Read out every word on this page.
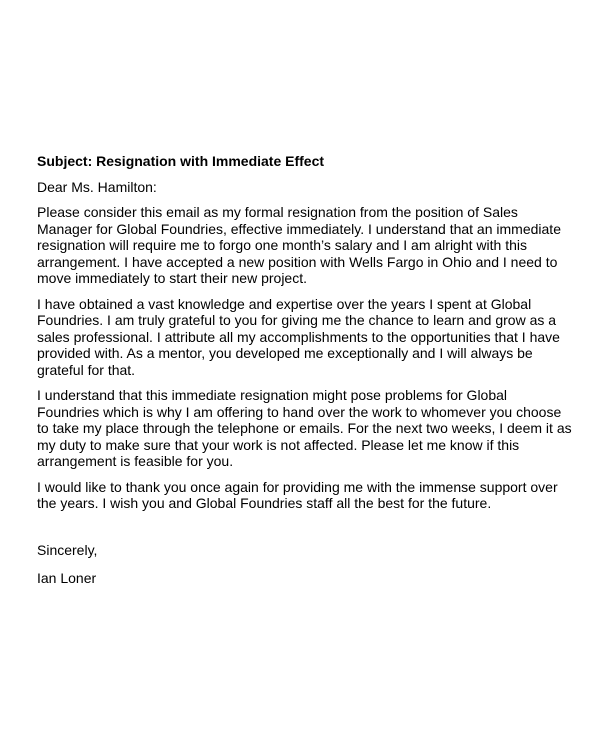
Subject: Resignation with Immediate Effect

Dear Ms. Hamilton:

Please consider this email as my formal resignation from the position of Sales Manager for Global Foundries, effective immediately. I understand that an immediate resignation will require me to forgo one month’s salary and I am alright with this arrangement. I have accepted a new position with Wells Fargo in Ohio and I need to move immediately to start their new project.

I have obtained a vast knowledge and expertise over the years I spent at Global Foundries. I am truly grateful to you for giving me the chance to learn and grow as a sales professional. I attribute all my accomplishments to the opportunities that I have provided with. As a mentor, you developed me exceptionally and I will always be grateful for that.

I understand that this immediate resignation might pose problems for Global Foundries which is why I am offering to hand over the work to whomever you choose to take my place through the telephone or emails. For the next two weeks, I deem it as my duty to make sure that your work is not affected. Please let me know if this arrangement is feasible for you.

I would like to thank you once again for providing me with the immense support over the years. I wish you and Global Foundries staff all the best for the future.

Sincerely,

Ian Loner
